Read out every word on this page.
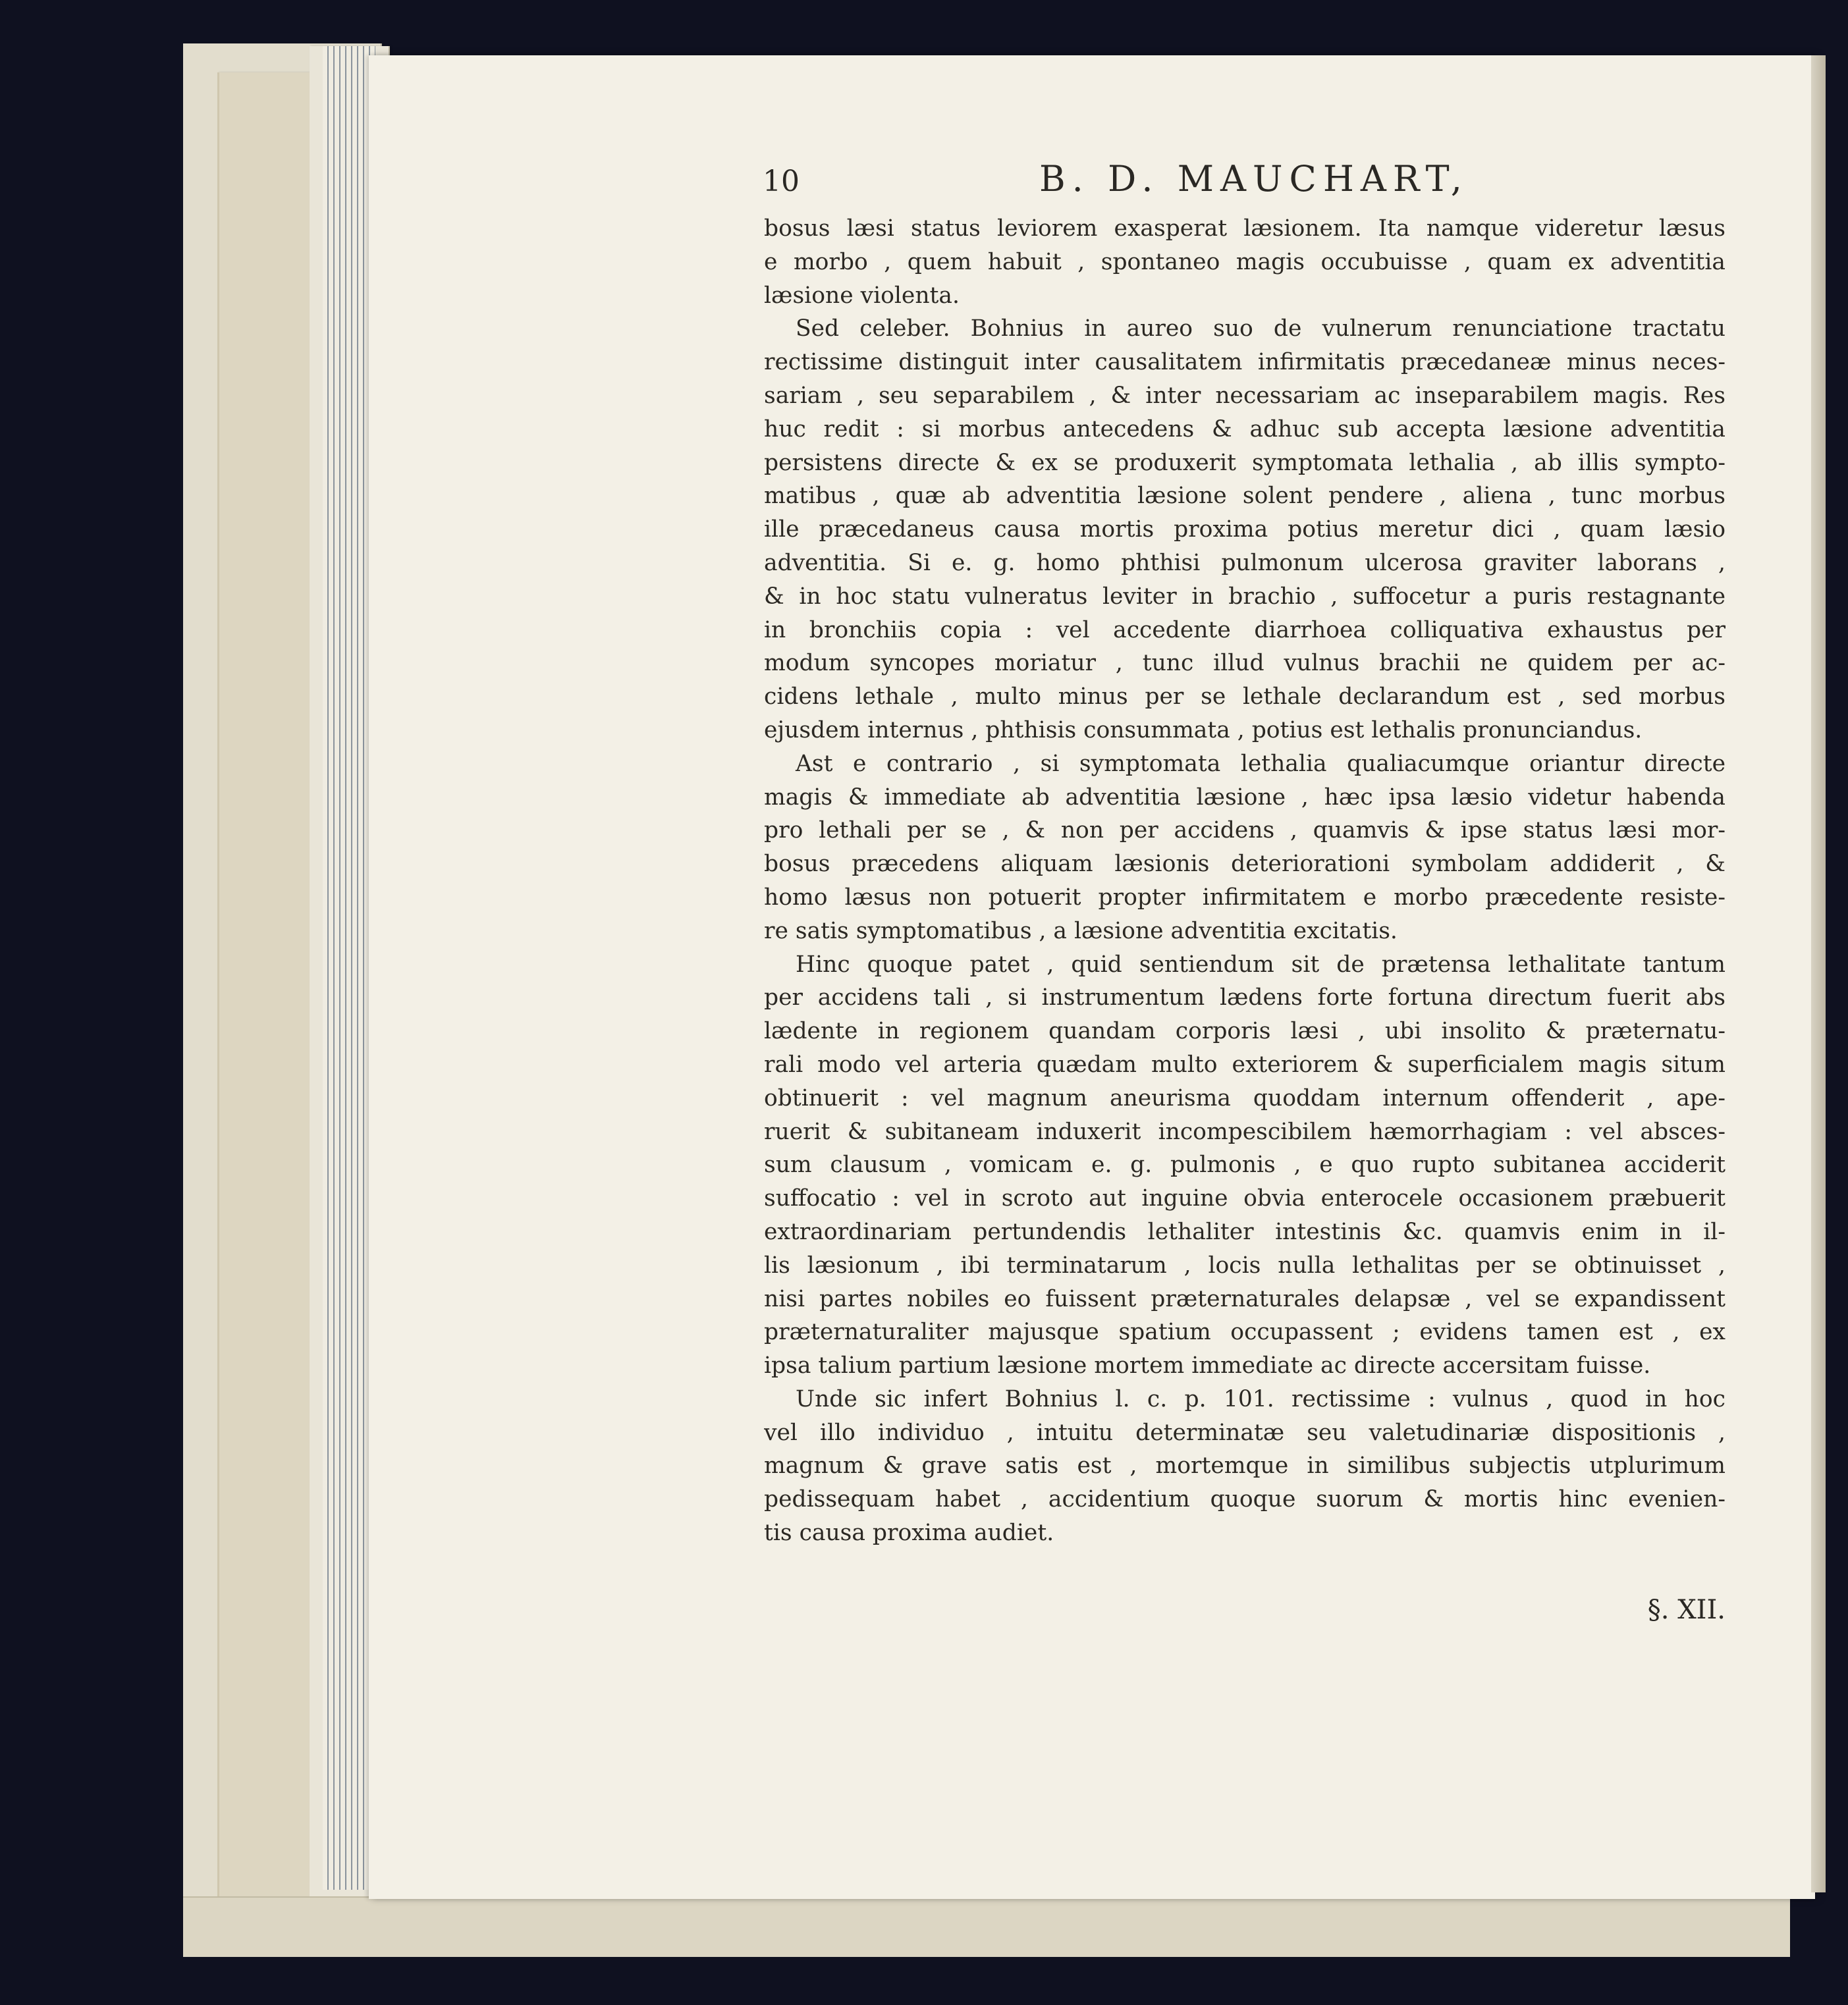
10	B. D. MAUCHART,
bosus læsi status leviorem exasperat læsionem. Ita namque videretur læsus
e morbo , quem habuit , spontaneo magis occubuisse , quam ex adventitia
læsione violenta.
Sed celeber. Bohnius in aureo suo de vulnerum renunciatione tractatu
rectissime distinguit inter causalitatem infirmitatis præcedaneæ minus neces-
sariam , seu separabilem , & inter necessariam ac inseparabilem magis. Res
huc redit : si morbus antecedens & adhuc sub accepta læsione adventitia
persistens directe & ex se produxerit symptomata lethalia , ab illis sympto-
matibus , quæ ab adventitia læsione solent pendere , aliena , tunc morbus
ille præcedaneus causa mortis proxima potius meretur dici , quam læsio
adventitia. Si e. g. homo phthisi pulmonum ulcerosa graviter laborans ,
& in hoc statu vulneratus leviter in brachio , suffocetur a puris restagnante
in bronchiis copia : vel accedente diarrhoea colliquativa exhaustus per
modum syncopes moriatur , tunc illud vulnus brachii ne quidem per ac-
cidens lethale , multo minus per se lethale declarandum est , sed morbus
ejusdem internus , phthisis consummata , potius est lethalis pronunciandus.
Ast e contrario , si symptomata lethalia qualiacumque oriantur directe
magis & immediate ab adventitia læsione , hæc ipsa læsio videtur habenda
pro lethali per se , & non per accidens , quamvis & ipse status læsi mor-
bosus præcedens aliquam læsionis deteriorationi symbolam addiderit , &
homo læsus non potuerit propter infirmitatem e morbo præcedente resiste-
re satis symptomatibus , a læsione adventitia excitatis.
Hinc quoque patet , quid sentiendum sit de prætensa lethalitate tantum
per accidens tali , si instrumentum lædens forte fortuna directum fuerit abs
lædente in regionem quandam corporis læsi , ubi insolito & præternatu-
rali modo vel arteria quædam multo exteriorem & superficialem magis situm
obtinuerit : vel magnum aneurisma quoddam internum offenderit , ape-
ruerit & subitaneam induxerit incompescibilem hæmorrhagiam : vel absces-
sum clausum , vomicam e. g. pulmonis , e quo rupto subitanea acciderit
suffocatio : vel in scroto aut inguine obvia enterocele occasionem præbuerit
extraordinariam pertundendis lethaliter intestinis &c. quamvis enim in il-
lis læsionum , ibi terminatarum , locis nulla lethalitas per se obtinuisset ,
nisi partes nobiles eo fuissent præternaturales delapsæ , vel se expandissent
præternaturaliter majusque spatium occupassent ; evidens tamen est , ex
ipsa talium partium læsione mortem immediate ac directe accersitam fuisse.
Unde sic infert Bohnius l. c. p. 101. rectissime : vulnus , quod in hoc
vel illo individuo , intuitu determinatæ seu valetudinariæ dispositionis ,
magnum & grave satis est , mortemque in similibus subjectis utplurimum
pedissequam habet , accidentium quoque suorum & mortis hinc evenien-
tis causa proxima audiet.
§. XII.
